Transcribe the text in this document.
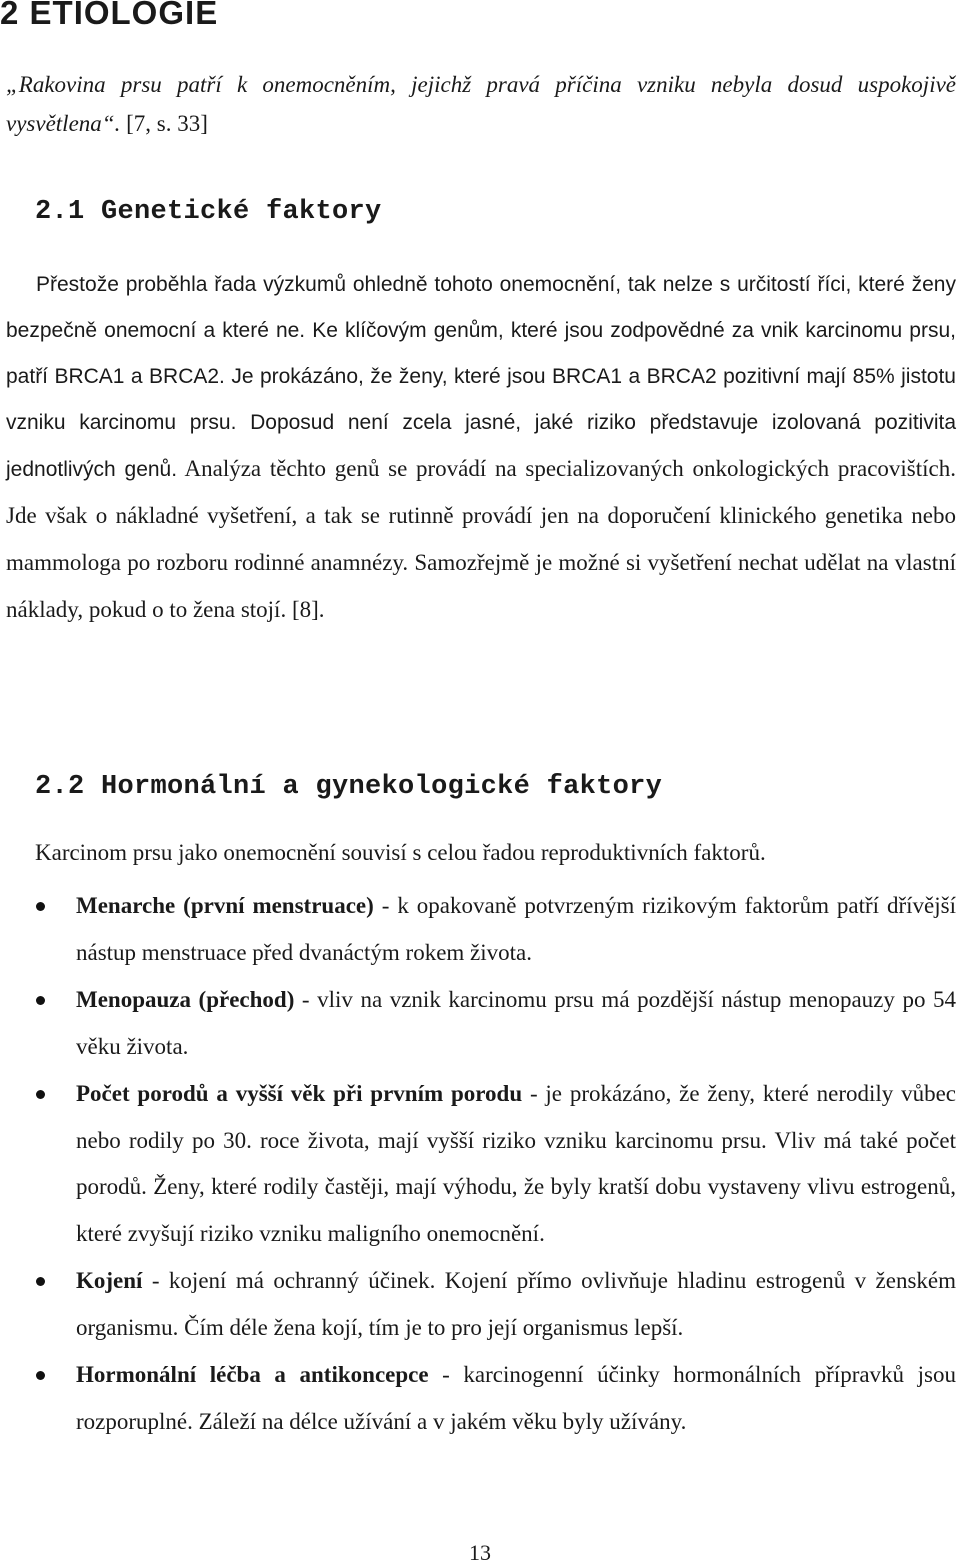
2 ETIOLOGIE

„Rakovina prsu patří k onemocněním, jejichž pravá příčina vzniku nebyla dosud uspokojivě vysvětlena“. [7, s. 33]

2.1 Genetické faktory

Přestože proběhla řada výzkumů ohledně tohoto onemocnění, tak nelze s určitostí říci, které ženy bezpečně onemocní a které ne. Ke klíčovým genům, které jsou zodpovědné za vnik karcinomu prsu, patří BRCA1 a BRCA2. Je prokázáno, že ženy, které jsou BRCA1 a BRCA2 pozitivní mají 85% jistotu vzniku karcinomu prsu. Doposud není zcela jasné, jaké riziko představuje izolovaná pozitivita jednotlivých genů. Analýza těchto genů se provádí na specializovaných onkologických pracovištích. Jde však o nákladné vyšetření, a tak se rutinně provádí jen na doporučení klinického genetika nebo mammologa po rozboru rodinné anamnézy. Samozřejmě je možné si vyšetření nechat udělat na vlastní náklady, pokud o to žena stojí. [8].

2.2 Hormonální a gynekologické faktory

Karcinom prsu jako onemocnění souvisí s celou řadou reproduktivních faktorů.

Menarche (první menstruace) - k opakovaně potvrzeným rizikovým faktorům patří dřívější nástup menstruace před dvanáctým rokem života.
Menopauza (přechod) - vliv na vznik karcinomu prsu má pozdější nástup menopauzy po 54 věku života.
Počet porodů a vyšší věk při prvním porodu - je prokázáno, že ženy, které nerodily vůbec nebo rodily po 30. roce života, mají vyšší riziko vzniku karcinomu prsu. Vliv má také počet porodů. Ženy, které rodily častěji, mají výhodu, že byly kratší dobu vystaveny vlivu estrogenů, které zvyšují riziko vzniku maligního onemocnění.
Kojení - kojení má ochranný účinek. Kojení přímo ovlivňuje hladinu estrogenů v ženském organismu. Čím déle žena kojí, tím je to pro její organismus lepší.
Hormonální léčba a antikoncepce - karcinogenní účinky hormonálních přípravků jsou rozporuplné. Záleží na délce užívání a v jakém věku byly užívány.
13
